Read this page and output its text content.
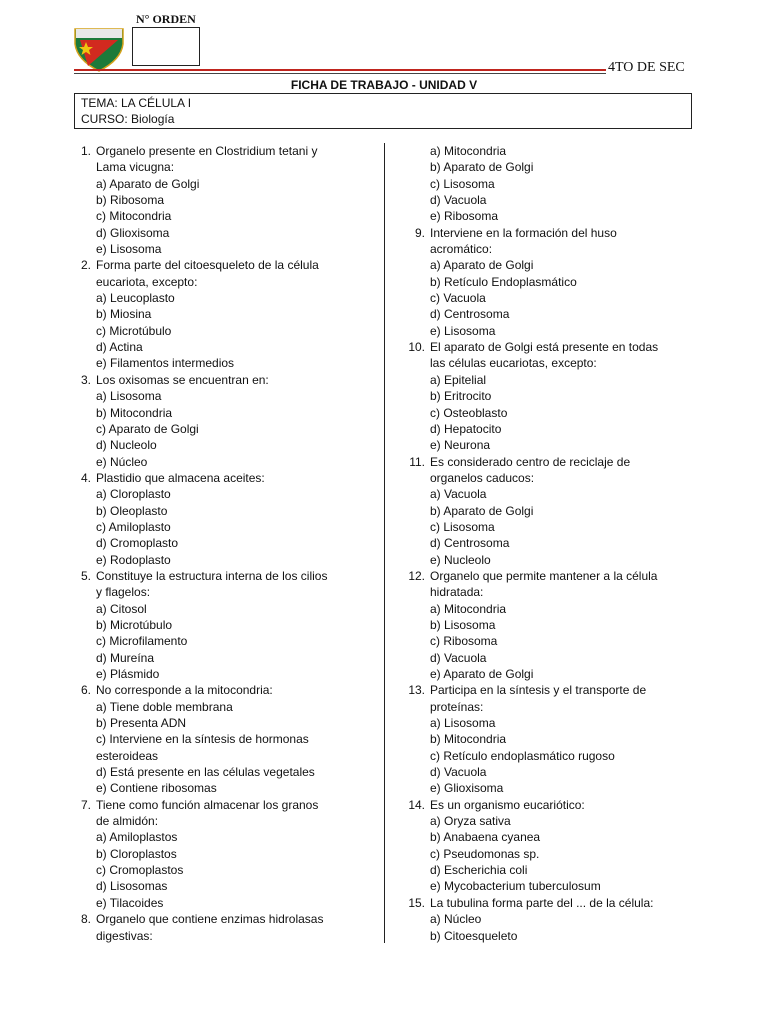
N° ORDEN
4TO DE SEC
FICHA DE TRABAJO - UNIDAD V
TEMA: LA CÉLULA I
CURSO: Biología
1. Organelo presente en Clostridium tetani y
Lama vicugna:
a) Aparato de Golgi
b) Ribosoma
c) Mitocondria
d) Glioxisoma
e) Lisosoma
2. Forma parte del citoesqueleto de la célula
eucariota, excepto:
a) Leucoplasto
b) Miosina
c) Microtúbulo
d) Actina
e) Filamentos intermedios
3. Los oxisomas se encuentran en:
a) Lisosoma
b) Mitocondria
c) Aparato de Golgi
d) Nucleolo
e) Núcleo
4. Plastidio que almacena aceites:
a) Cloroplasto
b) Oleoplasto
c) Amiloplasto
d) Cromoplasto
e) Rodoplasto
5. Constituye la estructura interna de los cilios
y flagelos:
a) Citosol
b) Microtúbulo
c) Microfilamento
d) Mureína
e) Plásmido
6. No corresponde a la mitocondria:
a) Tiene doble membrana
b) Presenta ADN
c) Interviene en la síntesis de hormonas
esteroideas
d) Está presente en las células vegetales
e) Contiene ribosomas
7. Tiene como función almacenar los granos
de almidón:
a) Amiloplastos
b) Cloroplastos
c) Cromoplastos
d) Lisosomas
e) Tilacoides
8. Organelo que contiene enzimas hidrolasas
digestivas:
a) Mitocondria
b) Aparato de Golgi
c) Lisosoma
d) Vacuola
e) Ribosoma
9. Interviene en la formación del huso
acromático:
a) Aparato de Golgi
b) Retículo Endoplasmático
c) Vacuola
d) Centrosoma
e) Lisosoma
10. El aparato de Golgi está presente en todas
las células eucariotas, excepto:
a) Epitelial
b) Eritrocito
c) Osteoblasto
d) Hepatocito
e) Neurona
11. Es considerado centro de reciclaje de
organelos caducos:
a) Vacuola
b) Aparato de Golgi
c) Lisosoma
d) Centrosoma
e) Nucleolo
12. Organelo que permite mantener a la célula
hidratada:
a) Mitocondria
b) Lisosoma
c) Ribosoma
d) Vacuola
e) Aparato de Golgi
13. Participa en la síntesis y el transporte de
proteínas:
a) Lisosoma
b) Mitocondria
c) Retículo endoplasmático rugoso
d) Vacuola
e) Glioxisoma
14. Es un organismo eucariótico:
a) Oryza sativa
b) Anabaena cyanea
c) Pseudomonas sp.
d) Escherichia coli
e) Mycobacterium tuberculosum
15. La tubulina forma parte del ... de la célula:
a) Núcleo
b) Citoesqueleto
